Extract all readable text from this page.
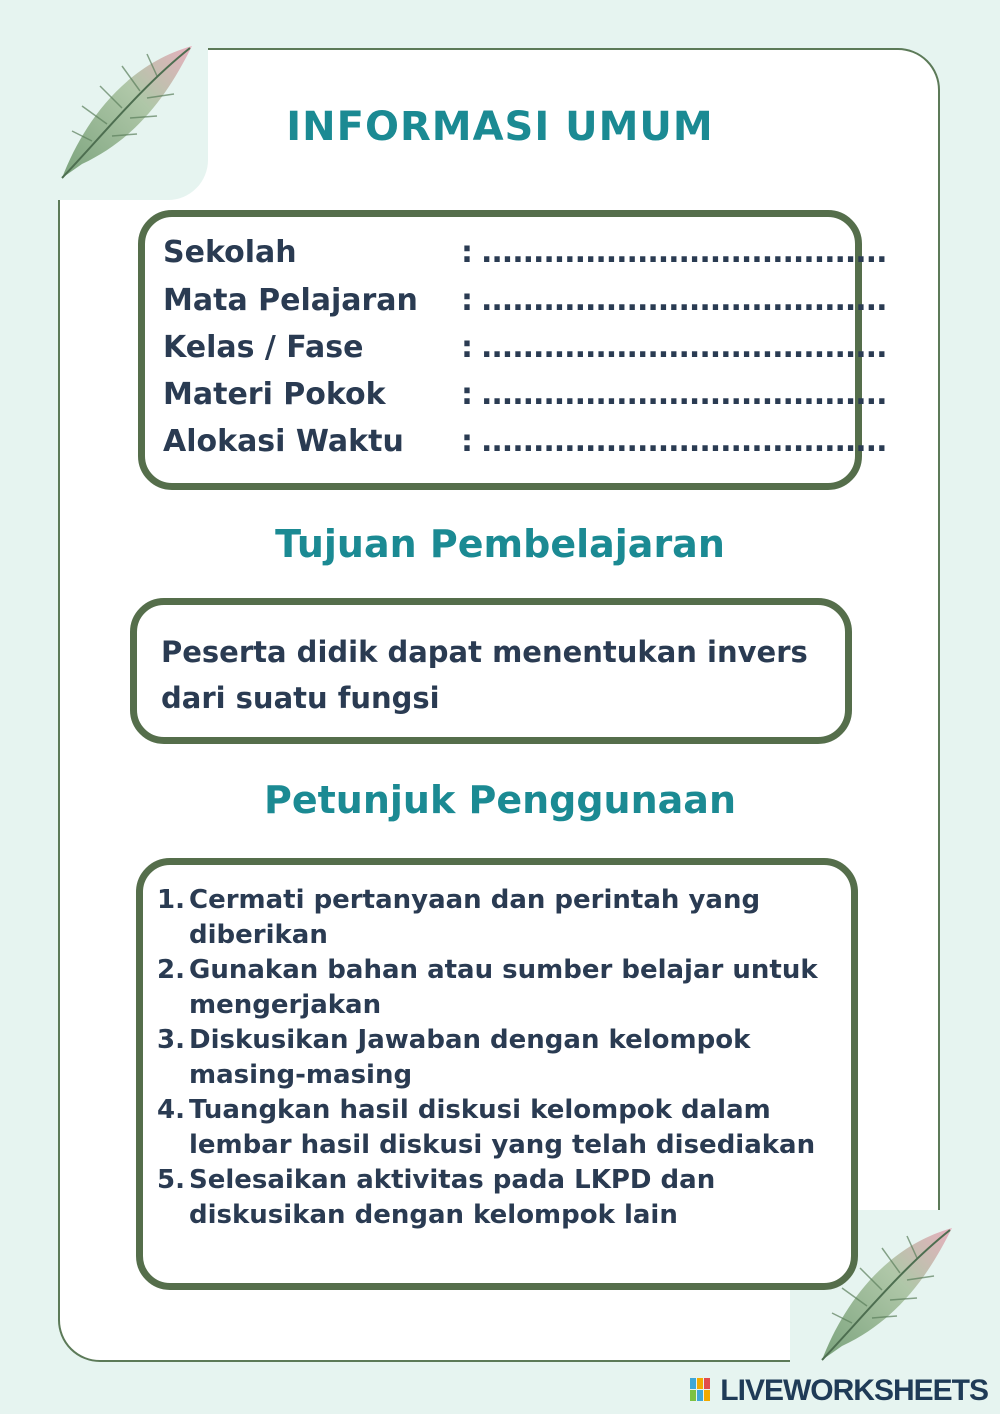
INFORMASI UMUM
Sekolah	: .......................................
Mata Pelajaran : .......................................
Kelas / Fase	: .......................................
Materi Pokok	: .......................................
Alokasi Waktu : .......................................
Tujuan Pembelajaran
Peserta didik dapat menentukan invers dari suatu fungsi
Petunjuk Penggunaan
1. Cermati pertanyaan dan perintah yang diberikan
2. Gunakan bahan atau sumber belajar untuk mengerjakan
3. Diskusikan Jawaban dengan kelompok masing-masing
4. Tuangkan hasil diskusi kelompok dalam lembar hasil diskusi yang telah disediakan
5. Selesaikan aktivitas pada LKPD dan diskusikan dengan kelompok lain
LIVEWORKSHEETS
